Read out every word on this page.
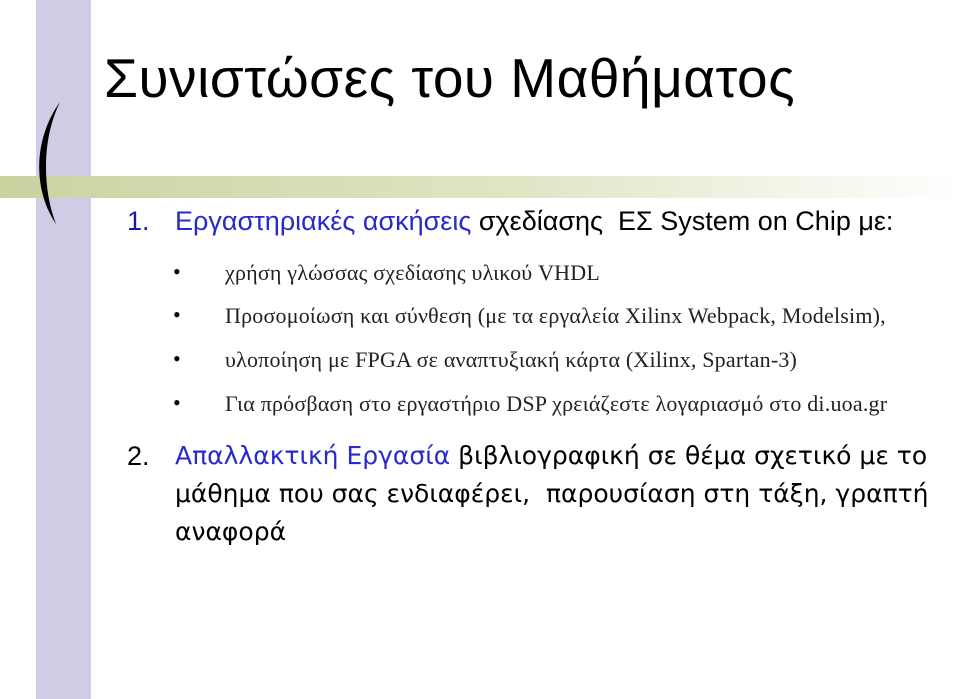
Συνιστώσες του Μαθήματος
1. Εργαστηριακές ασκήσεις σχεδίασης  ΕΣ System on Chip με:
• χρήση γλώσσας σχεδίασης υλικού VHDL
• Προσομοίωση και σύνθεση (με τα εργαλεία Xilinx Webpack, Modelsim),
• υλοποίηση με FPGA σε αναπτυξιακή κάρτα (Xilinx, Spartan-3)
• Για πρόσβαση στο εργαστήριο DSP χρειάζεστε λογαριασμό στο di.uoa.gr
2. Απαλλακτική Εργασία βιβλιογραφική σε θέμα σχετικό με το μάθημα που σας ενδιαφέρει,  παρουσίαση στη τάξη, γραπτή αναφορά
